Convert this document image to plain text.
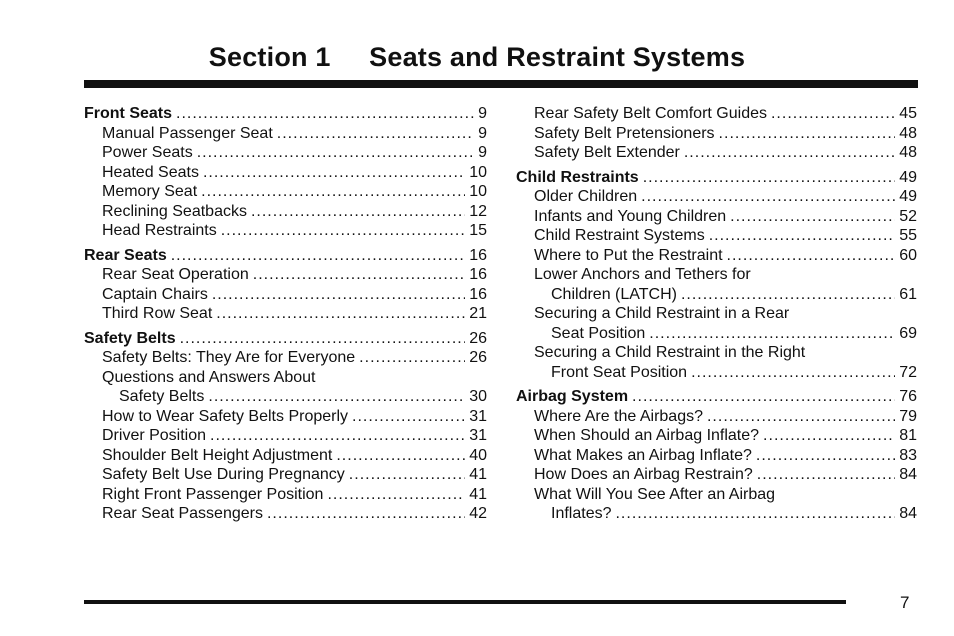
Section 1 Seats and Restraint Systems
Front Seats .....	9
Manual Passenger Seat .....	9
Power Seats .....	9
Heated Seats .....	10
Memory Seat .....	10
Reclining Seatbacks .....	12
Head Restraints .....	15
Rear Seats .....	16
Rear Seat Operation .....	16
Captain Chairs .....	16
Third Row Seat .....	21
Safety Belts .....	26
Safety Belts: They Are for Everyone .....	26
Questions and Answers About
Safety Belts .....	30
How to Wear Safety Belts Properly .....	31
Driver Position .....	31
Shoulder Belt Height Adjustment .....	40
Safety Belt Use During Pregnancy .....	41
Right Front Passenger Position .....	41
Rear Seat Passengers .....	42
Rear Safety Belt Comfort Guides .....	45
Safety Belt Pretensioners .....	48
Safety Belt Extender .....	48
Child Restraints .....	49
Older Children .....	49
Infants and Young Children .....	52
Child Restraint Systems .....	55
Where to Put the Restraint .....	60
Lower Anchors and Tethers for
Children (LATCH) .....	61
Securing a Child Restraint in a Rear
Seat Position .....	69
Securing a Child Restraint in the Right
Front Seat Position .....	72
Airbag System .....	76
Where Are the Airbags? .....	79
When Should an Airbag Inflate? .....	81
What Makes an Airbag Inflate? .....	83
How Does an Airbag Restrain? .....	84
What Will You See After an Airbag
Inflates? .....	84
7
